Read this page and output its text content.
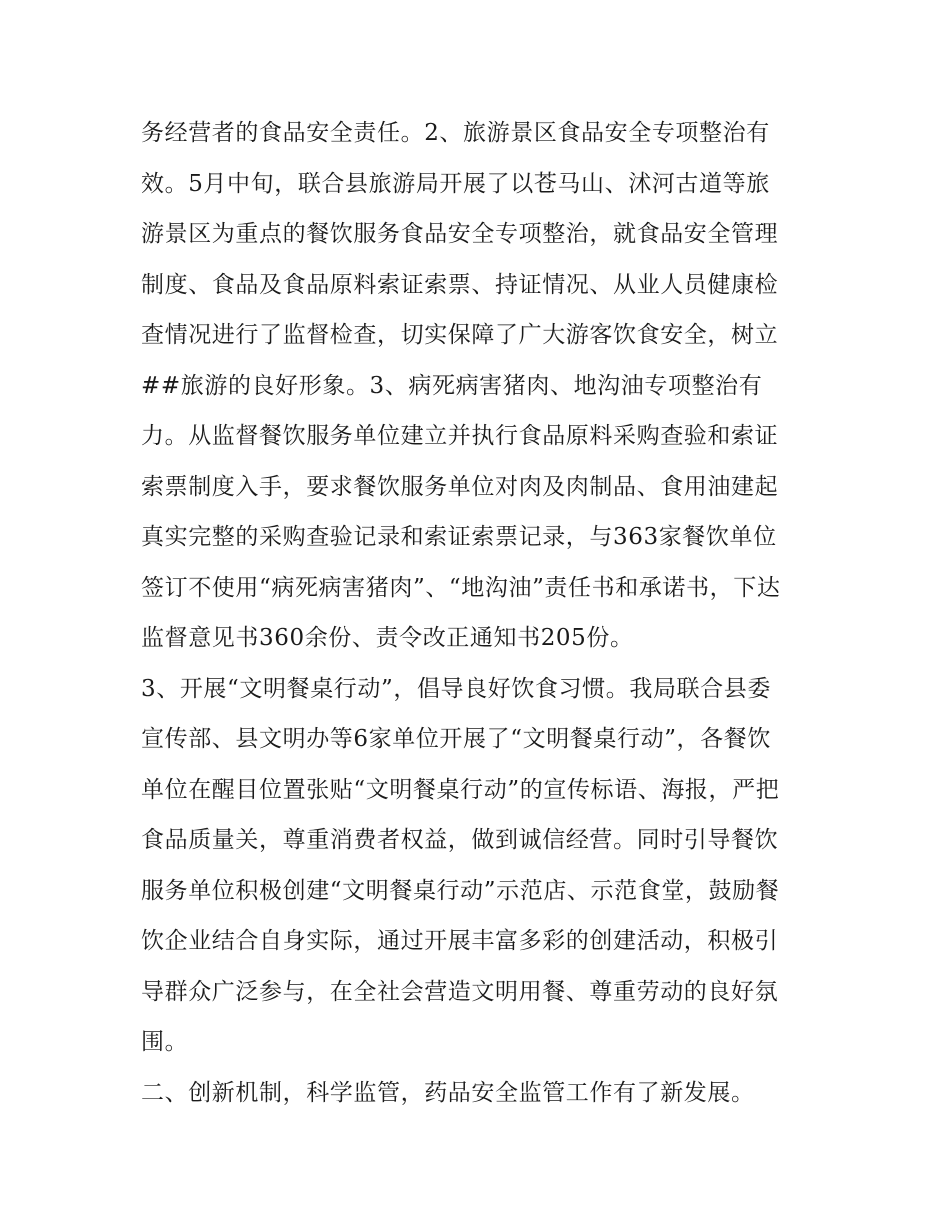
务经营者的食品安全责任。2、旅游景区食品安全专项整治有
效。5月中旬，联合县旅游局开展了以苍马山、沭河古道等旅
游景区为重点的餐饮服务食品安全专项整治，就食品安全管理
制度、食品及食品原料索证索票、持证情况、从业人员健康检
查情况进行了监督检查，切实保障了广大游客饮食安全，树立
##旅游的良好形象。3、病死病害猪肉、地沟油专项整治有
力。从监督餐饮服务单位建立并执行食品原料采购查验和索证
索票制度入手，要求餐饮服务单位对肉及肉制品、食用油建起
真实完整的采购查验记录和索证索票记录，与363家餐饮单位
签订不使用“病死病害猪肉”、“地沟油”责任书和承诺书，下达
监督意见书360余份、责令改正通知书205份。
3、开展“文明餐桌行动”，倡导良好饮食习惯。我局联合县委
宣传部、县文明办等6家单位开展了“文明餐桌行动”，各餐饮
单位在醒目位置张贴“文明餐桌行动”的宣传标语、海报，严把
食品质量关，尊重消费者权益，做到诚信经营。同时引导餐饮
服务单位积极创建“文明餐桌行动”示范店、示范食堂，鼓励餐
饮企业结合自身实际，通过开展丰富多彩的创建活动，积极引
导群众广泛参与，在全社会营造文明用餐、尊重劳动的良好氛
围。
二、创新机制，科学监管，药品安全监管工作有了新发展。
